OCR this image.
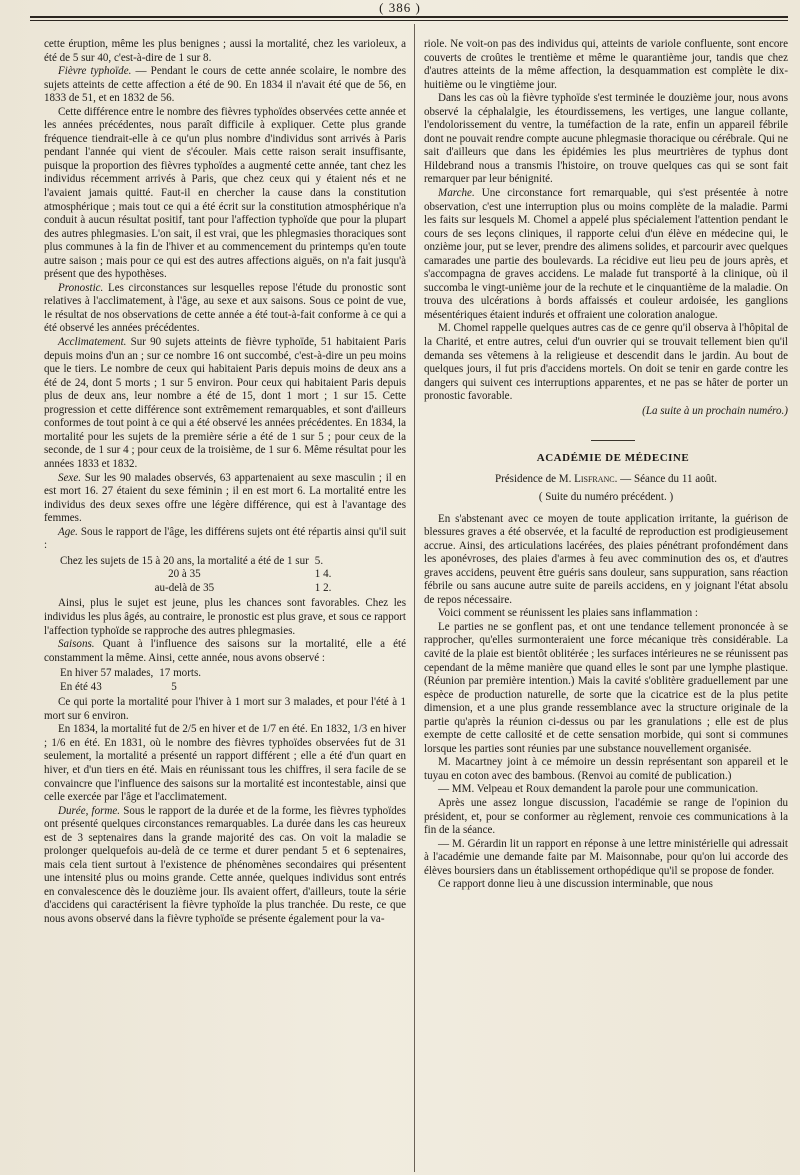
( 386 )

cette éruption, même les plus benignes ; aussi la mortalité, chez les varioleux, a été de 5 sur 40, c'est-à-dire de 1 sur 8.

Fièvre typhoïde. — Pendant le cours de cette année scolaire, le nombre des sujets atteints de cette affection a été de 90. En 1834 il n'avait été que de 56, en 1833 de 51, et en 1832 de 56.

Cette différence entre le nombre des fièvres typhoïdes observées cette année et les années précédentes, nous paraît difficile à expliquer. Cette plus grande fréquence tiendrait-elle à ce qu'un plus nombre d'individus sont arrivés à Paris pendant l'année qui vient de s'écouler. Mais cette raison serait insuffisante, puisque la proportion des fièvres typhoïdes a augmenté cette année, tant chez les individus récemment arrivés à Paris, que chez ceux qui y étaient nés et ne l'avaient jamais quitté. Faut-il en chercher la cause dans la constitution atmosphérique ; mais tout ce qui a été écrit sur la constitution atmosphérique n'a conduit à aucun résultat positif, tant pour l'affection typhoïde que pour la plupart des autres phlegmasies. L'on sait, il est vrai, que les phlegmasies thoraciques sont plus communes à la fin de l'hiver et au commencement du printemps qu'en toute autre saison ; mais pour ce qui est des autres affections aiguës, on n'a fait jusqu'à présent que des hypothèses.

Pronostic. Les circonstances sur lesquelles repose l'étude du pronostic sont relatives à l'acclimatement, à l'âge, au sexe et aux saisons. Sous ce point de vue, le résultat de nos observations de cette année a été tout-à-fait conforme à ce qui a été observé les années précédentes.

Acclimatement. Sur 90 sujets atteints de fièvre typhoïde, 51 habitaient Paris depuis moins d'un an ; sur ce nombre 16 ont succombé, c'est-à-dire un peu moins que le tiers. Le nombre de ceux qui habitaient Paris depuis moins de deux ans a été de 24, dont 5 morts ; 1 sur 5 environ. Pour ceux qui habitaient Paris depuis plus de deux ans, leur nombre a été de 15, dont 1 mort ; 1 sur 15. Cette progression et cette différence sont extrêmement remarquables, et sont d'ailleurs conformes de tout point à ce qui a été observé les années précédentes. En 1834, la mortalité pour les sujets de la première série a été de 1 sur 5 ; pour ceux de la seconde, de 1 sur 4 ; pour ceux de la troisième, de 1 sur 6. Même résultat pour les années 1833 et 1832.

Sexe. Sur les 90 malades observés, 63 appartenaient au sexe masculin ; il en est mort 16. 27 étaient du sexe féminin ; il en est mort 6. La mortalité entre les individus des deux sexes offre une légère différence, qui est à l'avantage des femmes.

Age. Sous le rapport de l'âge, les différens sujets ont été répartis ainsi qu'il suit :

Chez les sujets de 15 à 20 ans, la mortalité a été de 1 sur	5.
20 à 35	1 4.
au-delà de 35	1 2.

Ainsi, plus le sujet est jeune, plus les chances sont favorables. Chez les individus les plus âgés, au contraire, le pronostic est plus grave, et sous ce rapport l'affection typhoïde se rapproche des autres phlegmasies.

Saisons. Quant à l'influence des saisons sur la mortalité, elle a été constamment la même. Ainsi, cette année, nous avons observé :

En hiver 57 malades,	17 morts.
En été 43	5

Ce qui porte la mortalité pour l'hiver à 1 mort sur 3 malades, et pour l'été à 1 mort sur 6 environ.

En 1834, la mortalité fut de 2/5 en hiver et de 1/7 en été. En 1832, 1/3 en hiver ; 1/6 en été. En 1831, où le nombre des fièvres typhoïdes observées fut de 31 seulement, la mortalité a présenté un rapport différent ; elle a été d'un quart en hiver, et d'un tiers en été. Mais en réunissant tous les chiffres, il sera facile de se convaincre que l'influence des saisons sur la mortalité est incontestable, ainsi que celle exercée par l'âge et l'acclimatement.

Durée, forme. Sous le rapport de la durée et de la forme, les fièvres typhoïdes ont présenté quelques circonstances remarquables. La durée dans les cas heureux est de 3 septenaires dans la grande majorité des cas. On voit la maladie se prolonger quelquefois au-delà de ce terme et durer pendant 5 et 6 septenaires, mais cela tient surtout à l'existence de phénomènes secondaires qui présentent une intensité plus ou moins grande. Cette année, quelques individus sont entrés en convalescence dès le douzième jour. Ils avaient offert, d'ailleurs, toute la série d'accidens qui caractérisent la fièvre typhoïde la plus tranchée. Du reste, ce que nous avons observé dans la fièvre typhoïde se présente également pour la va-

riole. Ne voit-on pas des individus qui, atteints de variole confluente, sont encore couverts de croûtes le trentième et même le quarantième jour, tandis que chez d'autres atteints de la même affection, la desquammation est complète le dix-huitième ou le vingtième jour.

Dans les cas où la fièvre typhoïde s'est terminée le douzième jour, nous avons observé la céphalalgie, les étourdissemens, les vertiges, une langue collante, l'endolorissement du ventre, la tuméfaction de la rate, enfin un appareil fébrile dont ne pouvait rendre compte aucune phlegmasie thoracique ou cérébrale. Qui ne sait d'ailleurs que dans les épidémies les plus meurtrières de typhus dont Hildebrand nous a transmis l'histoire, on trouve quelques cas qui se sont fait remarquer par leur bénignité.

Marche. Une circonstance fort remarquable, qui s'est présentée à notre observation, c'est une interruption plus ou moins complète de la maladie. Parmi les faits sur lesquels M. Chomel a appelé plus spécialement l'attention pendant le cours de ses leçons cliniques, il rapporte celui d'un élève en médecine qui, le onzième jour, put se lever, prendre des alimens solides, et parcourir avec quelques camarades une partie des boulevards. La récidive eut lieu peu de jours après, et s'accompagna de graves accidens. Le malade fut transporté à la clinique, où il succomba le vingt-unième jour de la rechute et le cinquantième de la maladie. On trouva des ulcérations à bords affaissés et couleur ardoisée, les ganglions mésentériques étaient indurés et offraient une coloration analogue.

M. Chomel rappelle quelques autres cas de ce genre qu'il observa à l'hôpital de la Charité, et entre autres, celui d'un ouvrier qui se trouvait tellement bien qu'il demanda ses vêtemens à la religieuse et descendit dans le jardin. Au bout de quelques jours, il fut pris d'accidens mortels. On doit se tenir en garde contre les dangers qui suivent ces interruptions apparentes, et ne pas se hâter de porter un pronostic favorable.

(La suite à un prochain numéro.)

ACADÉMIE DE MÉDECINE

Présidence de M. Lisfranc. — Séance du 11 août.

( Suite du numéro précédent. )

En s'abstenant avec ce moyen de toute application irritante, la guérison de blessures graves a été observée, et la faculté de reproduction est prodigieusement accrue. Ainsi, des articulations lacérées, des plaies pénétrant profondément dans les aponévroses, des plaies d'armes à feu avec comminution des os, et d'autres graves accidens, peuvent être guéris sans douleur, sans suppuration, sans réaction fébrile ou sans aucune autre suite de pareils accidens, en y joignant l'état absolu de repos nécessaire.

Voici comment se réunissent les plaies sans inflammation :

Le parties ne se gonflent pas, et ont une tendance tellement prononcée à se rapprocher, qu'elles surmonteraient une force mécanique très considérable. La cavité de la plaie est bientôt oblitérée ; les surfaces intérieures ne se réunissent pas cependant de la même manière que quand elles le sont par une lymphe plastique. (Réunion par première intention.) Mais la cavité s'oblitère graduellement par une espèce de production naturelle, de sorte que la cicatrice est de la plus petite dimension, et a une plus grande ressemblance avec la structure originale de la partie qu'après la réunion ci-dessus ou par les granulations ; elle est de plus exempte de cette callosité et de cette sensation morbide, qui sont si communes lorsque les parties sont réunies par une substance nouvellement organisée.

M. Macartney joint à ce mémoire un dessin représentant son appareil et le tuyau en coton avec des bambous. (Renvoi au comité de publication.)

— MM. Velpeau et Roux demandent la parole pour une communication.

Après une assez longue discussion, l'académie se range de l'opinion du président, et, pour se conformer au règlement, renvoie ces communications à la fin de la séance.

— M. Gérardin lit un rapport en réponse à une lettre ministérielle qui adressait à l'académie une demande faite par M. Maisonnabe, pour qu'on lui accorde des élèves boursiers dans un établissement orthopédique qu'il se propose de fonder.

Ce rapport donne lieu à une discussion interminable, que nous
